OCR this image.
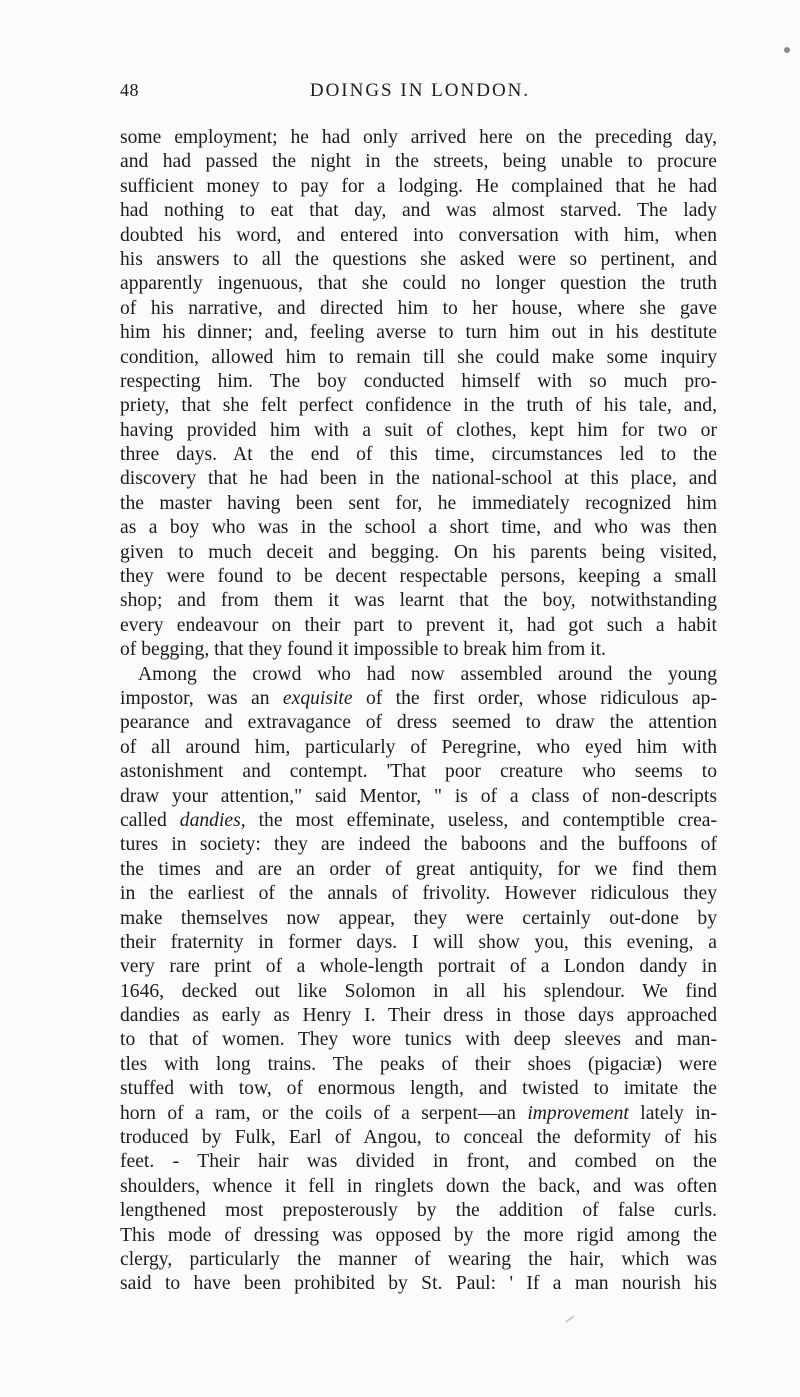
48	DOINGS IN LONDON.
some employment; he had only arrived here on the preceding day,
and had passed the night in the streets, being unable to procure
sufficient money to pay for a lodging. He complained that he had
had nothing to eat that day, and was almost starved. The lady
doubted his word, and entered into conversation with him, when
his answers to all the questions she asked were so pertinent, and
apparently ingenuous, that she could no longer question the truth
of his narrative, and directed him to her house, where she gave
him his dinner; and, feeling averse to turn him out in his destitute
condition, allowed him to remain till she could make some inquiry
respecting him. The boy conducted himself with so much pro-
priety, that she felt perfect confidence in the truth of his tale, and,
having provided him with a suit of clothes, kept him for two or
three days. At the end of this time, circumstances led to the
discovery that he had been in the national-school at this place, and
the master having been sent for, he immediately recognized him
as a boy who was in the school a short time, and who was then
given to much deceit and begging. On his parents being visited,
they were found to be decent respectable persons, keeping a small
shop; and from them it was learnt that the boy, notwithstanding
every endeavour on their part to prevent it, had got such a habit
of begging, that they found it impossible to break him from it.
Among the crowd who had now assembled around the young
impostor, was an exquisite of the first order, whose ridiculous ap-
pearance and extravagance of dress seemed to draw the attention
of all around him, particularly of Peregrine, who eyed him with
astonishment and contempt. 'That poor creature who seems to
draw your attention," said Mentor, " is of a class of non-descripts
called dandies, the most effeminate, useless, and contemptible crea-
tures in society: they are indeed the baboons and the buffoons of
the times and are an order of great antiquity, for we find them
in the earliest of the annals of frivolity. However ridiculous they
make themselves now appear, they were certainly out-done by
their fraternity in former days. I will show you, this evening, a
very rare print of a whole-length portrait of a London dandy in
1646, decked out like Solomon in all his splendour. We find
dandies as early as Henry I. Their dress in those days approached
to that of women. They wore tunics with deep sleeves and man-
tles with long trains. The peaks of their shoes (pigaciæ) were
stuffed with tow, of enormous length, and twisted to imitate the
horn of a ram, or the coils of a serpent—an improvement lately in-
troduced by Fulk, Earl of Angou, to conceal the deformity of his
feet. - Their hair was divided in front, and combed on the
shoulders, whence it fell in ringlets down the back, and was often
lengthened most preposterously by the addition of false curls.
This mode of dressing was opposed by the more rigid among the
clergy, particularly the manner of wearing the hair, which was
said to have been prohibited by St. Paul: ' If a man nourish his
